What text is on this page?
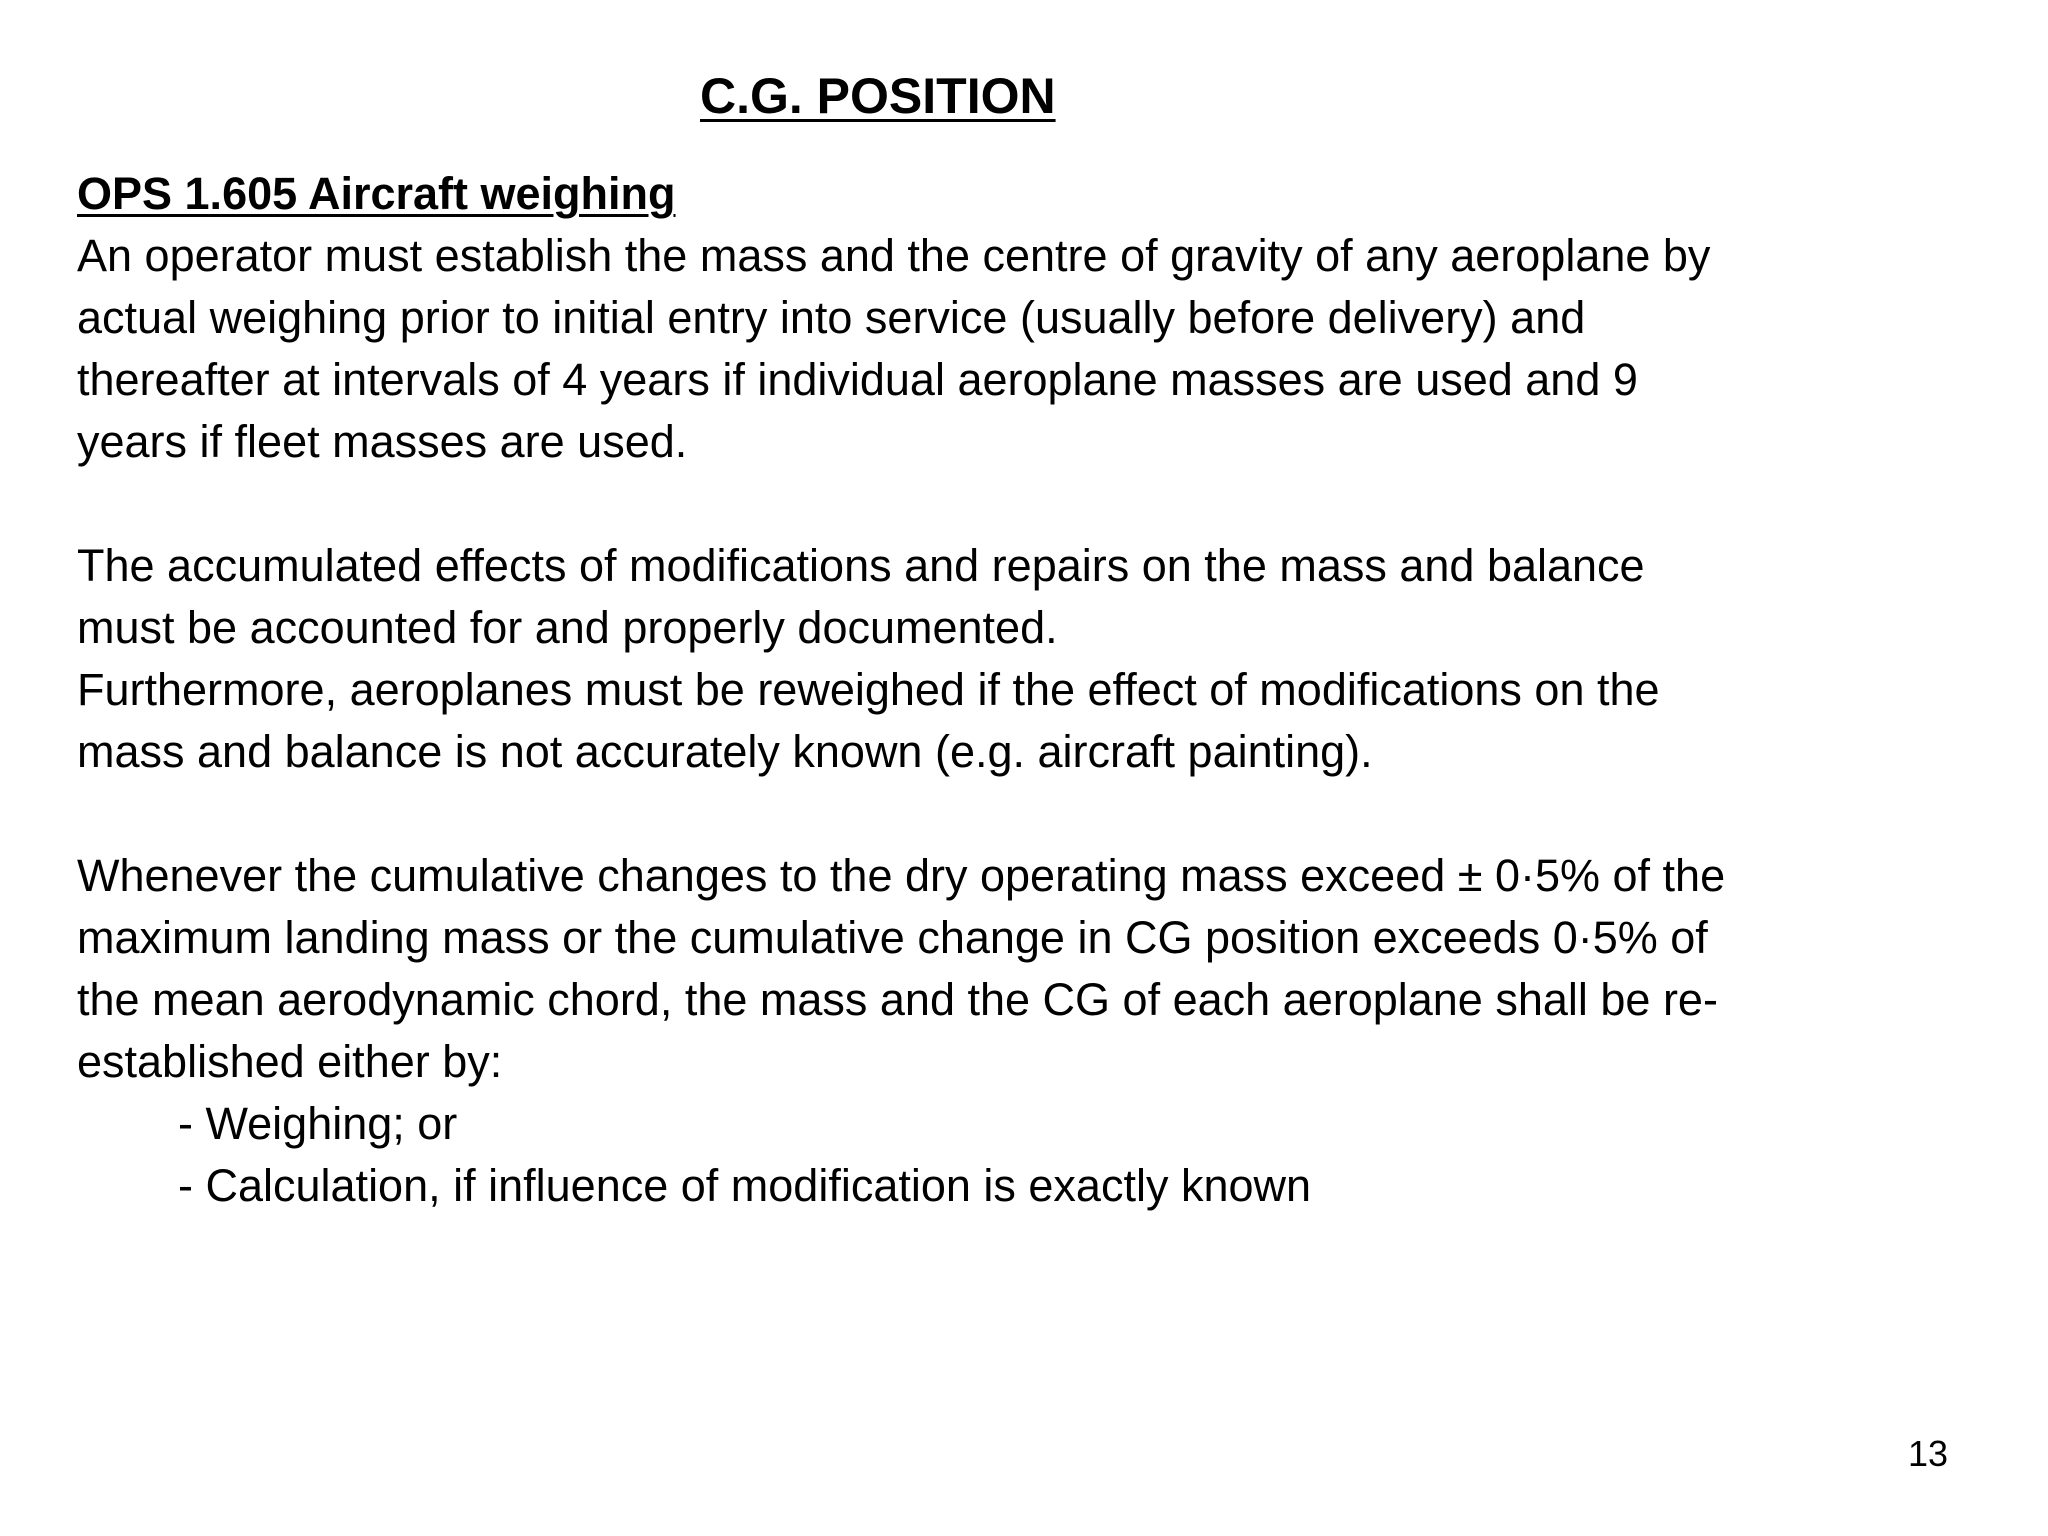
C.G. POSITION

OPS 1.605 Aircraft weighing

An operator must establish the mass and the centre of gravity of any aeroplane by
actual weighing prior to initial entry into service (usually before delivery) and
thereafter at intervals of 4 years if individual aeroplane masses are used and 9
years if fleet masses are used.

The accumulated effects of modifications and repairs on the mass and balance
must be accounted for and properly documented.

Furthermore, aeroplanes must be reweighed if the effect of modifications on the
mass and balance is not accurately known (e.g. aircraft painting).

Whenever the cumulative changes to the dry operating mass exceed ± 0·5% of the
maximum landing mass or the cumulative change in CG position exceeds 0·5% of
the mean aerodynamic chord, the mass and the CG of each aeroplane shall be re-
established either by:

- Weighing; or

- Calculation, if influence of modification is exactly known

13
